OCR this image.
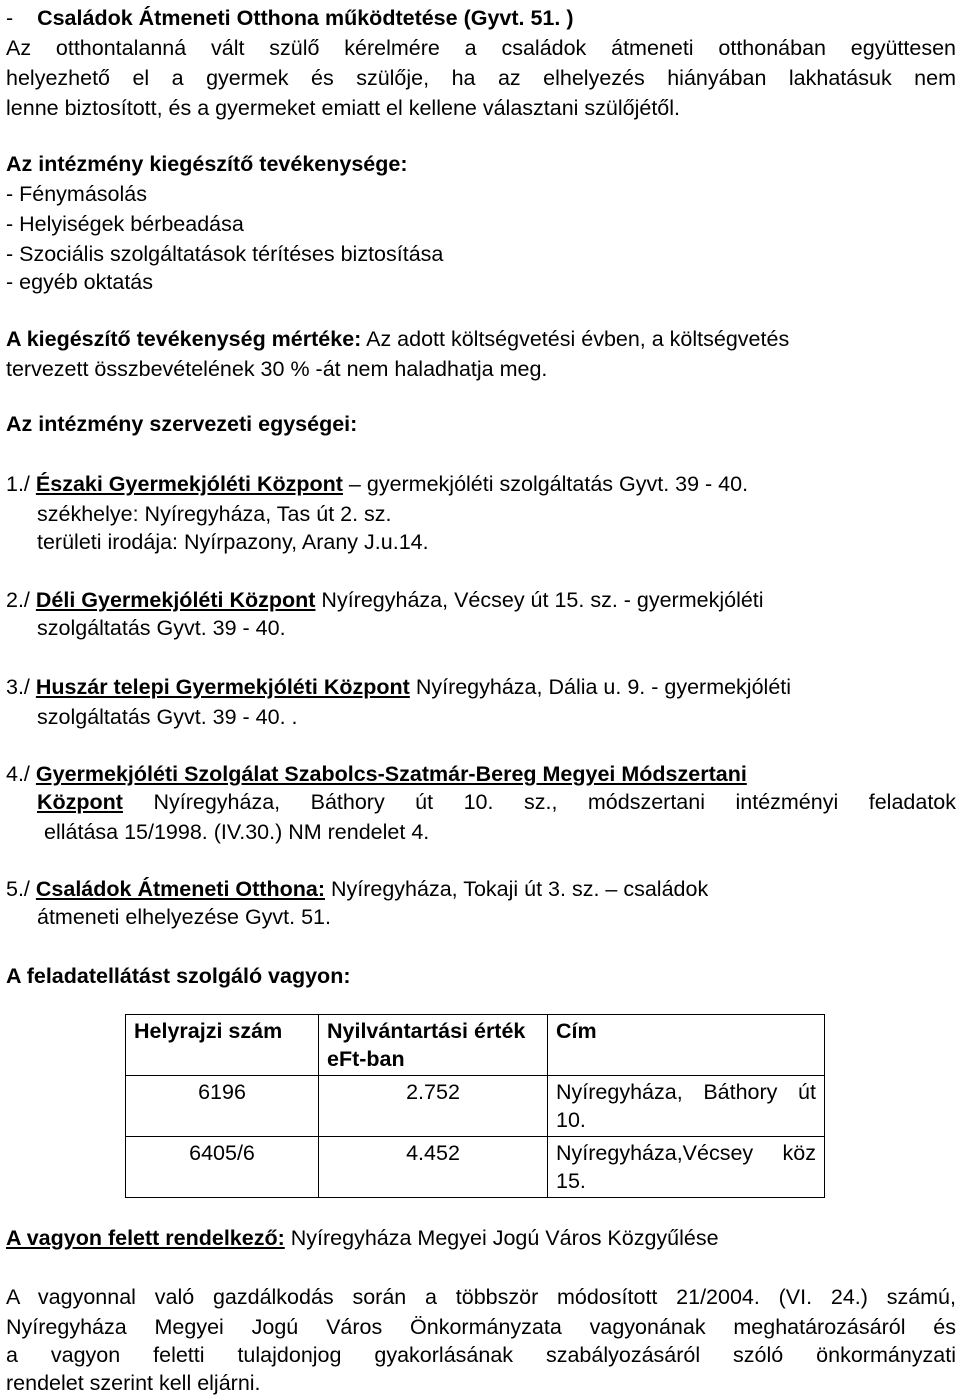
- Családok Átmeneti Otthona működtetése (Gyvt. 51. )
Az otthontalanná vált szülő kérelmére a családok átmeneti otthonában együttesen
helyezhető el a gyermek és szülője, ha az elhelyezés hiányában lakhatásuk nem
lenne biztosított, és a gyermeket emiatt el kellene választani szülőjétől.
Az intézmény kiegészítő tevékenysége:
- Fénymásolás
- Helyiségek bérbeadása
- Szociális szolgáltatások térítéses biztosítása
- egyéb oktatás
A kiegészítő tevékenység mértéke: Az adott költségvetési évben, a költségvetés
tervezett összbevételének 30 % -át nem haladhatja meg.
Az intézmény szervezeti egységei:
1./ Északi Gyermekjóléti Központ – gyermekjóléti szolgáltatás Gyvt. 39 - 40.
székhelye: Nyíregyháza, Tas út 2. sz.
területi irodája: Nyírpazony, Arany J.u.14.
2./ Déli Gyermekjóléti Központ Nyíregyháza, Vécsey út 15. sz. - gyermekjóléti
szolgáltatás Gyvt. 39 - 40.
3./ Huszár telepi Gyermekjóléti Központ Nyíregyháza, Dália u. 9. - gyermekjóléti
szolgáltatás Gyvt. 39 - 40. .
4./ Gyermekjóléti Szolgálat Szabolcs-Szatmár-Bereg Megyei Módszertani
Központ Nyíregyháza, Báthory út 10. sz., módszertani intézményi feladatok
ellátása 15/1998. (IV.30.) NM rendelet 4.
5./ Családok Átmeneti Otthona: Nyíregyháza, Tokaji út 3. sz. – családok
átmeneti elhelyezése Gyvt. 51.
A feladatellátást szolgáló vagyon:
Helyrajzi szám	Nyilvántartási érték eFt-ban	Cím
6196	2.752	Nyíregyháza, Báthory út 10.
6405/6	4.452	Nyíregyháza,Vécsey köz 15.
A vagyon felett rendelkező: Nyíregyháza Megyei Jogú Város Közgyűlése
A vagyonnal való gazdálkodás során a többször módosított 21/2004. (VI. 24.) számú,
Nyíregyháza Megyei Jogú Város Önkormányzata vagyonának meghatározásáról és
a vagyon feletti tulajdonjog gyakorlásának szabályozásáról szóló önkormányzati
rendelet szerint kell eljárni.
